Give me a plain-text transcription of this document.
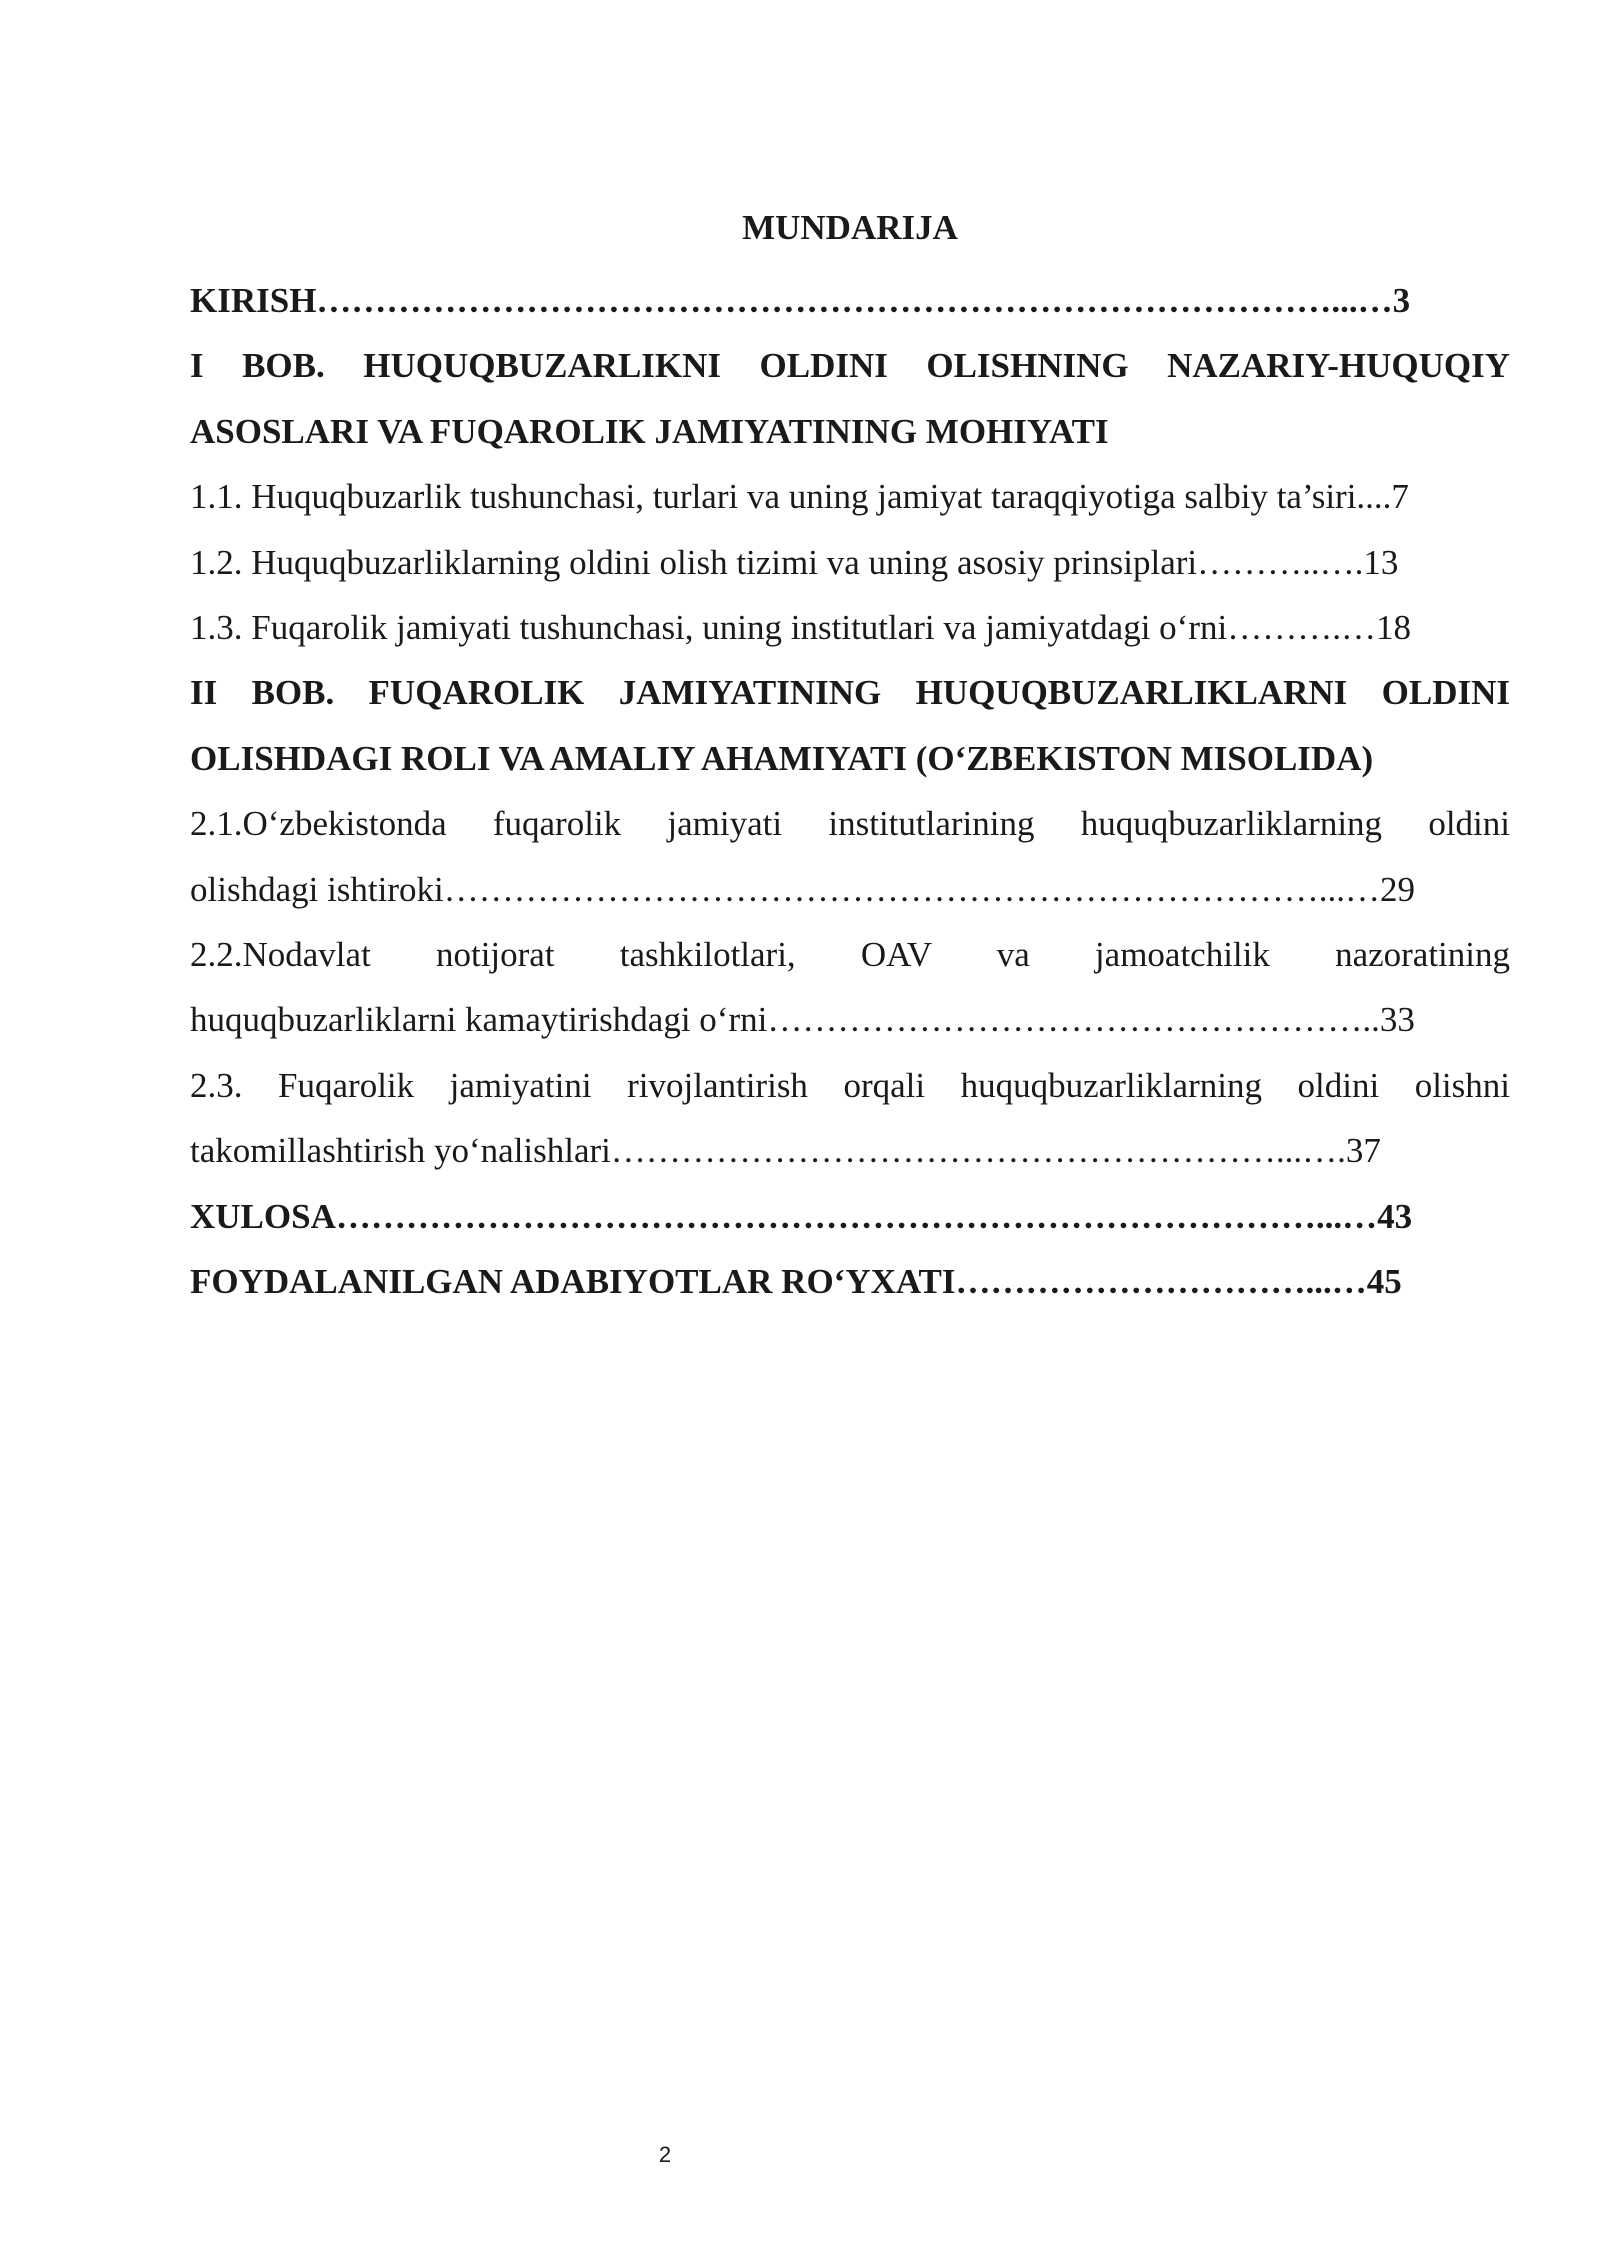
MUNDARIJA

KIRISH……………………………………………………………………………...…3

I BOB. HUQUQBUZARLIKNI OLDINI OLISHNING NAZARIY-HUQUQIY

ASOSLARI VA FUQAROLIK JAMIYATINING MOHIYATI

1.1. Huquqbuzarlik tushunchasi, turlari va uning jamiyat taraqqiyotiga salbiy ta’siri....7

1.2. Huquqbuzarliklarning oldini olish tizimi va uning asosiy prinsiplari………..….13

1.3. Fuqarolik jamiyati tushunchasi, uning institutlari va jamiyatdagi o‘rni……….…18

II BOB. FUQAROLIK JAMIYATINING HUQUQBUZARLIKLARNI OLDINI

OLISHDAGI ROLI VA AMALIY AHAMIYATI (O‘ZBEKISTON MISOLIDA)

2.1.O‘zbekistonda fuqarolik jamiyati institutlarining huquqbuzarliklarning oldini

olishdagi ishtiroki…………………………………………………………………...…29

2.2.Nodavlat notijorat tashkilotlari, OAV va jamoatchilik nazoratining

huquqbuzarliklarni kamaytirishdagi o‘rni……………………………………………..33

2.3. Fuqarolik jamiyatini rivojlantirish orqali huquqbuzarliklarning oldini olishni

takomillashtirish yo‘nalishlari…………………………………………………...….37

XULOSA…………………………………………………………………………...…43

FOYDALANILGAN ADABIYOTLAR RO‘YXATI…………………………...…45

2
